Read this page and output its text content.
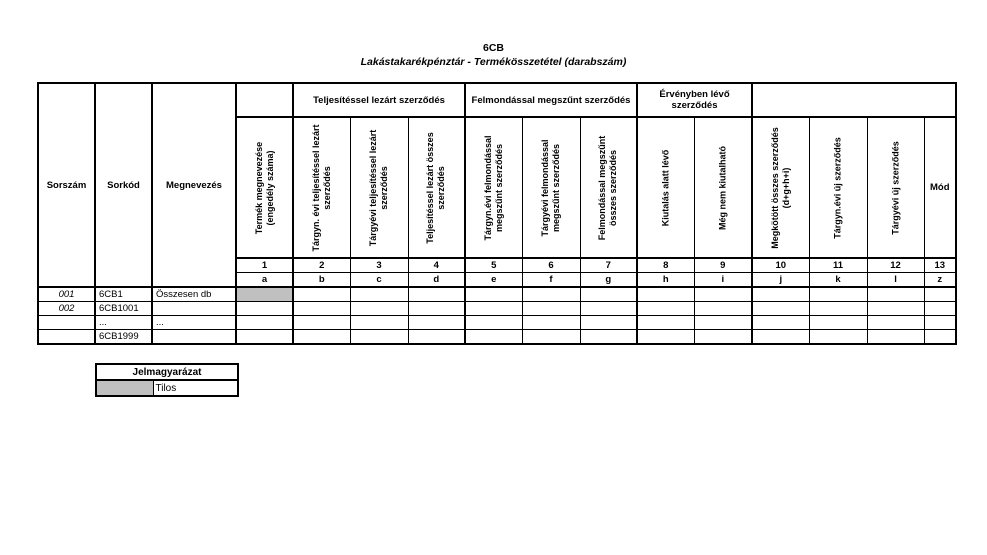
6CB
Lakástakarékpénztár - Termékösszetétel (darabszám)
Sorszám	Sorkód	Megnevezés		Teljesítéssel lezárt szerződés			Felmondással megszűnt szerződés			Érvényben lévő szerződés					

			Termék megnevezése (engedély száma)	Tárgyn. évi teljesítéssel lezárt szerződés	Tárgyévi teljesítéssel lezárt szerződés	Teljesítéssel lezárt összes szerződés	Tárgyn.évi felmondással megszűnt szerződés	Tárgyévi felmondással megszűnt szerződés	Felmondással megszűnt összes szerződés	Kiutalás alatt lévő	Még nem kiutalható	Megkötött összes szerződés (d+g+h+i)	Tárgyn.évi új szerződés	Tárgyévi új szerződés	Mód
			1	2	3	4	5	6	7	8	9	10	11	12	13
			a	b	c	d	e	f	g	h	i	j	k	l	z
001	6CB1	Összesen db													
002	6CB1001														
	...	...													
	6CB1999														
Jelmagyarázat
	Tilos
